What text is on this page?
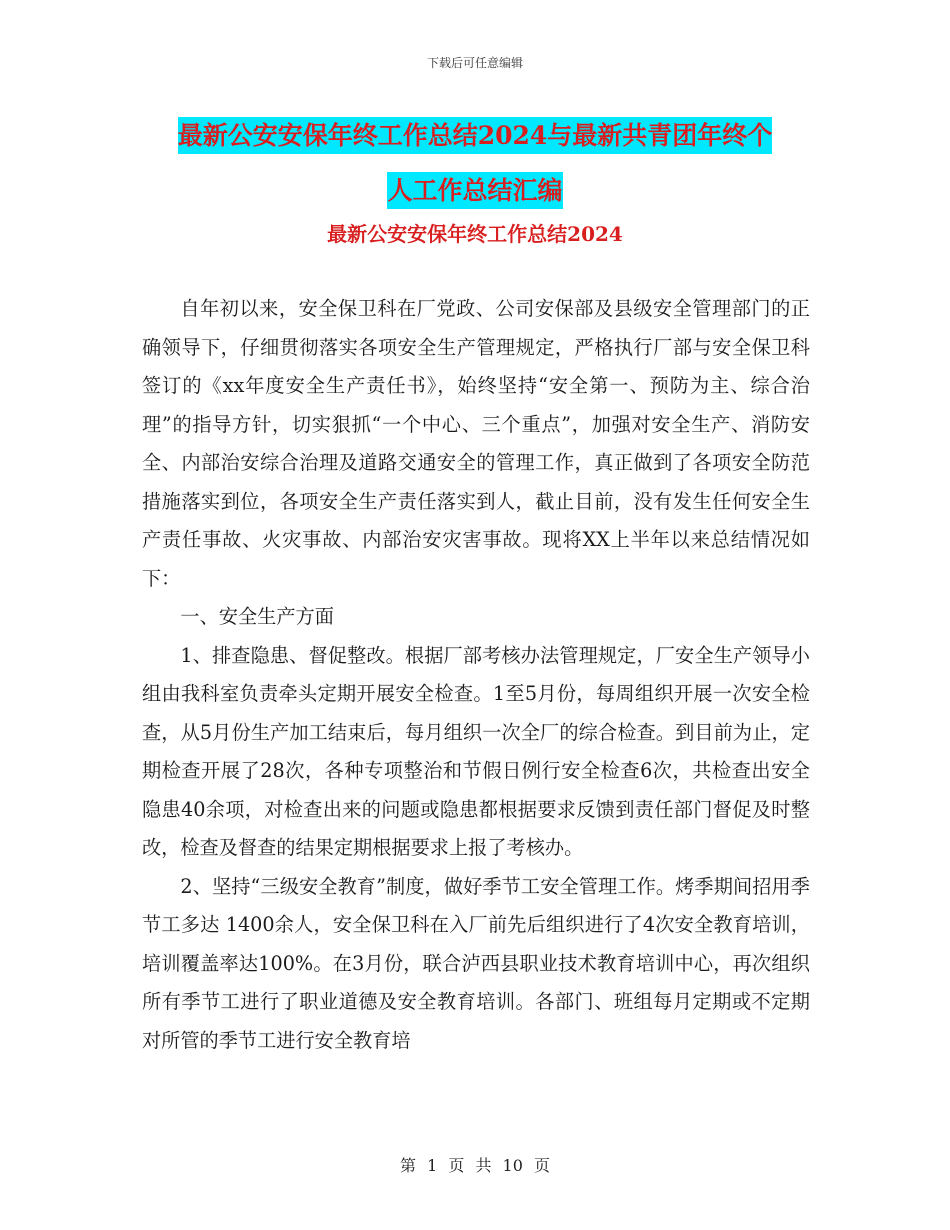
下载后可任意编辑
最新公安安保年终工作总结2024与最新共青团年终个
人工作总结汇编
最新公安安保年终工作总结2024

自年初以来，安全保卫科在厂党政、公司安保部及县级安全管理部门的正确领导下，仔细贯彻落实各项安全生产管理规定，严格执行厂部与安全保卫科签订的《xx年度安全生产责任书》，始终坚持“安全第一、预防为主、综合治理”的指导方针，切实狠抓“一个中心、三个重点”，加强对安全生产、消防安全、内部治安综合治理及道路交通安全的管理工作，真正做到了各项安全防范措施落实到位，各项安全生产责任落实到人，截止目前，没有发生任何安全生产责任事故、火灾事故、内部治安灾害事故。现将XX上半年以来总结情况如下：

一、安全生产方面

1、排查隐患、督促整改。根据厂部考核办法管理规定，厂安全生产领导小组由我科室负责牵头定期开展安全检查。1至5月份，每周组织开展一次安全检查，从5月份生产加工结束后，每月组织一次全厂的综合检查。到目前为止，定期检查开展了28次，各种专项整治和节假日例行安全检查6次，共检查出安全隐患40余项，对检查出来的问题或隐患都根据要求反馈到责任部门督促及时整改，检查及督查的结果定期根据要求上报了考核办。

2、坚持“三级安全教育”制度，做好季节工安全管理工作。烤季期间招用季节工多达 1400余人，安全保卫科在入厂前先后组织进行了4次安全教育培训，培训覆盖率达100%。在3月份，联合泸西县职业技术教育培训中心，再次组织所有季节工进行了职业道德及安全教育培训。各部门、班组每月定期或不定期对所管的季节工进行安全教育培

第 1 页 共 10 页
